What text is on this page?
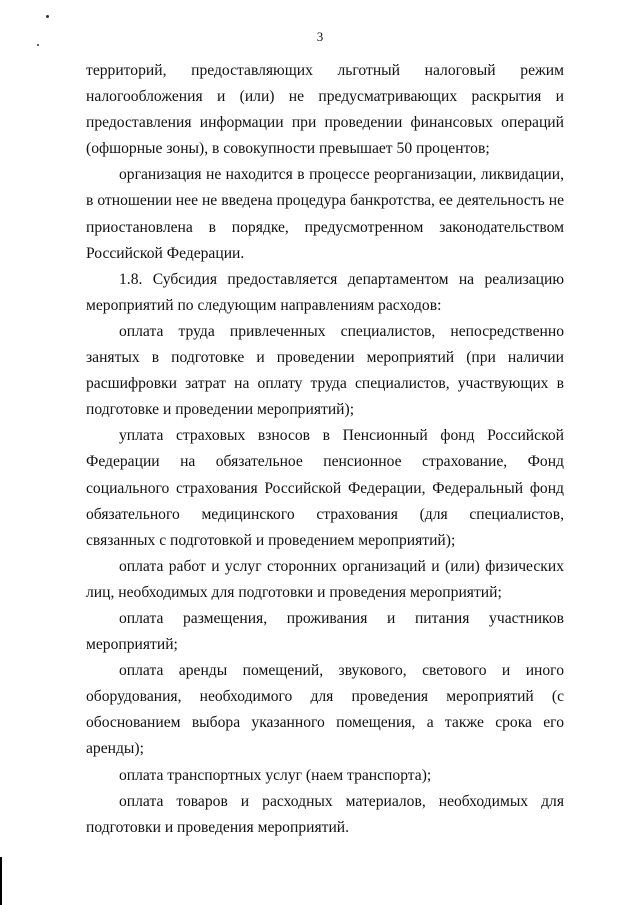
3

территорий, предоставляющих льготный налоговый режим налогообложения и (или) не предусматривающих раскрытия и предоставления информации при проведении финансовых операций (офшорные зоны), в совокупности превышает 50 процентов;

организация не находится в процессе реорганизации, ликвидации, в отношении нее не введена процедура банкротства, ее деятельность не приостановлена в порядке, предусмотренном законодательством Российской Федерации.

1.8. Субсидия предоставляется департаментом на реализацию мероприятий по следующим направлениям расходов:

оплата труда привлеченных специалистов, непосредственно занятых в подготовке и проведении мероприятий (при наличии расшифровки затрат на оплату труда специалистов, участвующих в подготовке и проведении мероприятий);

уплата страховых взносов в Пенсионный фонд Российской Федерации на обязательное пенсионное страхование, Фонд социального страхования Российской Федерации, Федеральный фонд обязательного медицинского страхования (для специалистов, связанных с подготовкой и проведением мероприятий);

оплата работ и услуг сторонних организаций и (или) физических лиц, необходимых для подготовки и проведения мероприятий;

оплата размещения, проживания и питания участников мероприятий;

оплата аренды помещений, звукового, светового и иного оборудования, необходимого для проведения мероприятий (с обоснованием выбора указанного помещения, а также срока его аренды);

оплата транспортных услуг (наем транспорта);

оплата товаров и расходных материалов, необходимых для подготовки и проведения мероприятий.
